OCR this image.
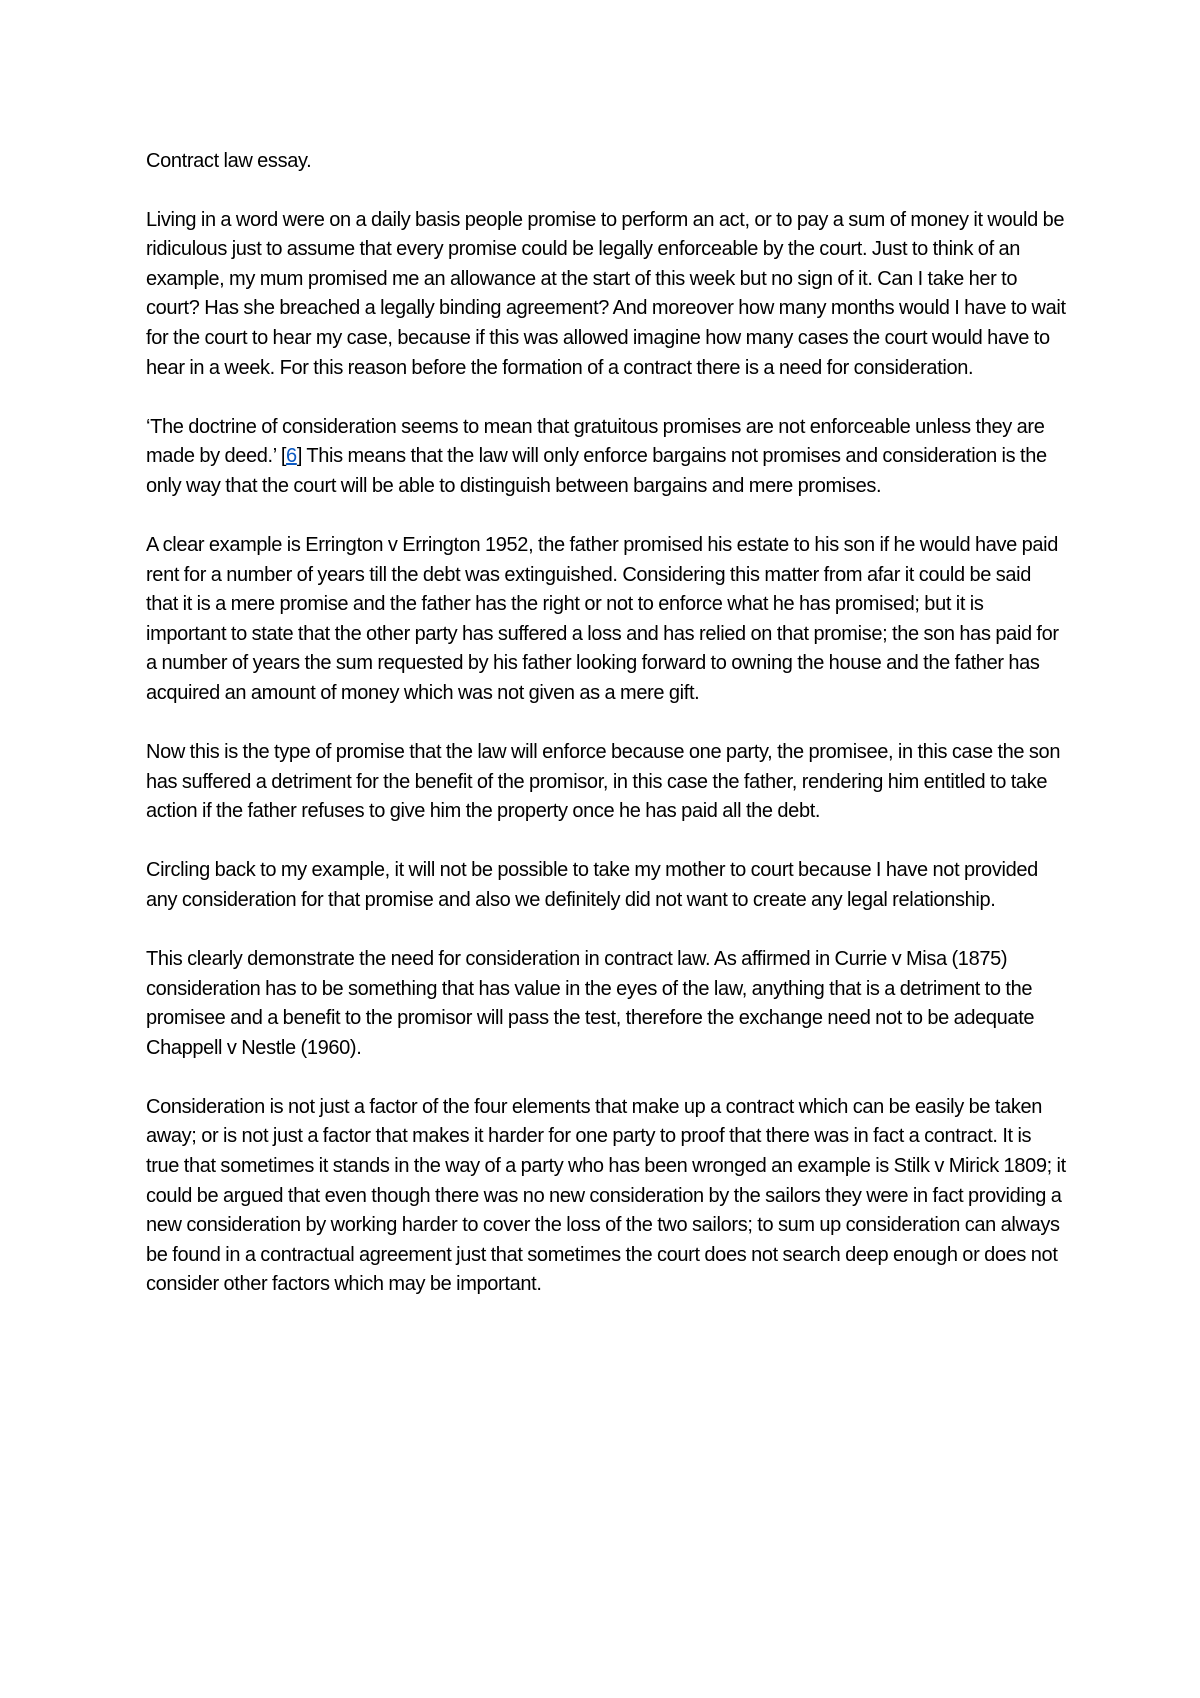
Contract law essay.

Living in a word were on a daily basis people promise to perform an act, or to pay a sum of money it would be ridiculous just to assume that every promise could be legally enforceable by the court. Just to think of an example, my mum promised me an allowance at the start of this week but no sign of it. Can I take her to court? Has she breached a legally binding agreement? And moreover how many months would I have to wait for the court to hear my case, because if this was allowed imagine how many cases the court would have to hear in a week. For this reason before the formation of a contract there is a need for consideration.

‘The doctrine of consideration seems to mean that gratuitous promises are not enforceable unless they are made by deed.’ [6] This means that the law will only enforce bargains not promises and consideration is the only way that the court will be able to distinguish between bargains and mere promises.

A clear example is Errington v Errington 1952, the father promised his estate to his son if he would have paid rent for a number of years till the debt was extinguished. Considering this matter from afar it could be said that it is a mere promise and the father has the right or not to enforce what he has promised; but it is important to state that the other party has suffered a loss and has relied on that promise; the son has paid for a number of years the sum requested by his father looking forward to owning the house and the father has acquired an amount of money which was not given as a mere gift.

Now this is the type of promise that the law will enforce because one party, the promisee, in this case the son has suffered a detriment for the benefit of the promisor, in this case the father, rendering him entitled to take action if the father refuses to give him the property once he has paid all the debt.

Circling back to my example, it will not be possible to take my mother to court because I have not provided any consideration for that promise and also we definitely did not want to create any legal relationship.

This clearly demonstrate the need for consideration in contract law. As affirmed in Currie v Misa (1875) consideration has to be something that has value in the eyes of the law, anything that is a detriment to the promisee and a benefit to the promisor will pass the test, therefore the exchange need not to be adequate Chappell v Nestle (1960).

Consideration is not just a factor of the four elements that make up a contract which can be easily be taken away; or is not just a factor that makes it harder for one party to proof that there was in fact a contract. It is true that sometimes it stands in the way of a party who has been wronged an example is Stilk v Mirick 1809; it could be argued that even though there was no new consideration by the sailors they were in fact providing a new consideration by working harder to cover the loss of the two sailors; to sum up consideration can always be found in a contractual agreement just that sometimes the court does not search deep enough or does not consider other factors which may be important.
